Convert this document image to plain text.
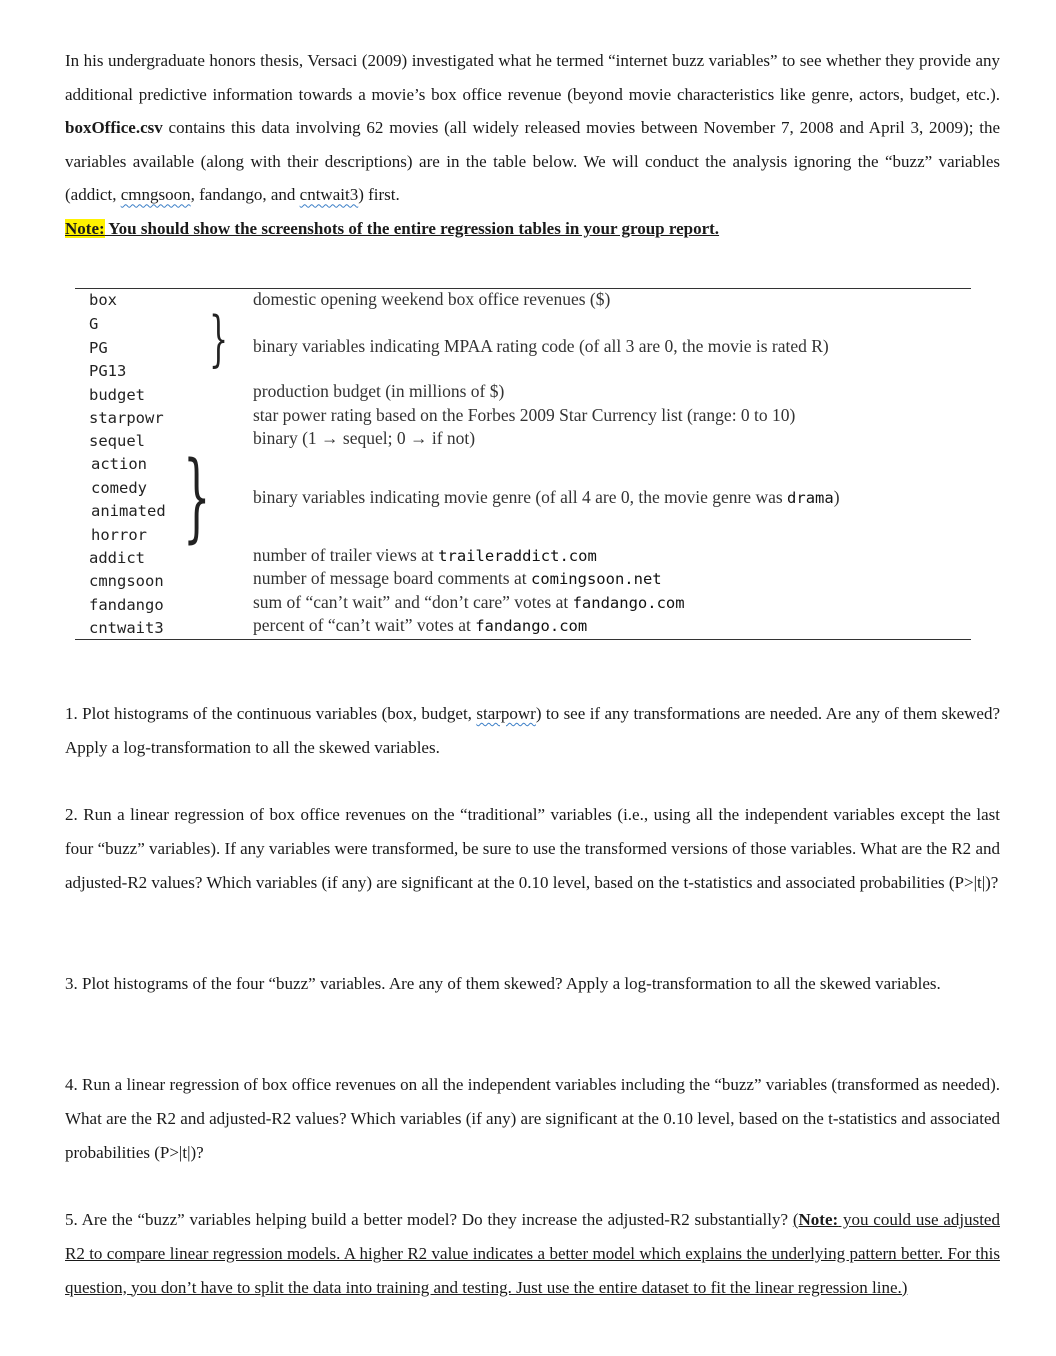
In his undergraduate honors thesis, Versaci (2009) investigated what he termed “internet buzz variables” to see whether they provide any additional predictive information towards a movie’s box office revenue (beyond movie characteristics like genre, actors, budget, etc.). boxOffice.csv contains this data involving 62 movies (all widely released movies between November 7, 2008 and April 3, 2009); the variables available (along with their descriptions) are in the table below. We will conduct the analysis ignoring the “buzz” variables (addict, cmngsoon, fandango, and cntwait3) first.

Note: You should show the screenshots of the entire regression tables in your group report.
box	domestic opening weekend box office revenues ($)
G
PG
PG13 } binary variables indicating MPAA rating code (of all 3 are 0, the movie is rated R)
budget	production budget (in millions of $)
starpowr	star power rating based on the Forbes 2009 Star Currency list (range: 0 to 10)
sequel	binary (1 → sequel; 0 → if not)
action
comedy
animated
horror } binary variables indicating movie genre (of all 4 are 0, the movie genre was drama)
addict	number of trailer views at traileraddict.com
cmngsoon	number of message board comments at comingsoon.net
fandango	sum of “can’t wait” and “don’t care” votes at fandango.com
cntwait3	percent of “can’t wait” votes at fandango.com

1. Plot histograms of the continuous variables (box, budget, starpowr) to see if any transformations are needed. Are any of them skewed? Apply a log-transformation to all the skewed variables.

2. Run a linear regression of box office revenues on the “traditional” variables (i.e., using all the independent variables except the last four “buzz” variables). If any variables were transformed, be sure to use the transformed versions of those variables. What are the R2 and adjusted-R2 values? Which variables (if any) are significant at the 0.10 level, based on the t-statistics and associated probabilities (P>|t|)?

3. Plot histograms of the four “buzz” variables. Are any of them skewed? Apply a log-transformation to all the skewed variables.

4. Run a linear regression of box office revenues on all the independent variables including the “buzz” variables (transformed as needed). What are the R2 and adjusted-R2 values? Which variables (if any) are significant at the 0.10 level, based on the t-statistics and associated probabilities (P>|t|)?

5. Are the “buzz” variables helping build a better model? Do they increase the adjusted-R2 substantially? (Note: you could use adjusted R2 to compare linear regression models. A higher R2 value indicates a better model which explains the underlying pattern better. For this question, you don’t have to split the data into training and testing. Just use the entire dataset to fit the linear regression line.)
